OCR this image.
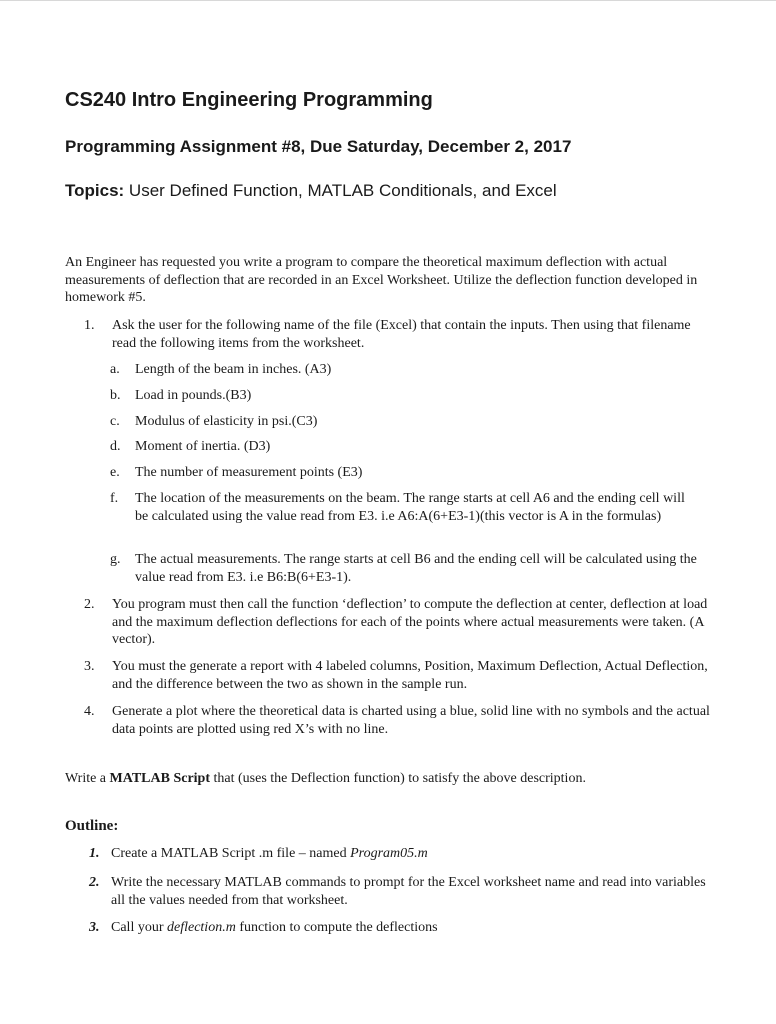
CS240 Intro Engineering Programming
Programming Assignment #8, Due Saturday, December 2, 2017
Topics: User Defined Function, MATLAB Conditionals, and Excel
An Engineer has requested you write a program to compare the theoretical maximum deflection with actual measurements of deflection that are recorded in an Excel Worksheet. Utilize the deflection function developed in homework #5.
1.	Ask the user for the following name of the file (Excel) that contain the inputs. Then using that filename read the following items from the worksheet.
a.	Length of the beam in inches. (A3)
b.	Load in pounds.(B3)
c.	Modulus of elasticity in psi.(C3)
d.	Moment of inertia. (D3)
e.	The number of measurement points (E3)
f.	The location of the measurements on the beam. The range starts at cell A6 and the ending cell will be calculated using the value read from E3. i.e A6:A(6+E3-1)(this vector is A in the formulas)
g.	The actual measurements. The range starts at cell B6 and the ending cell will be calculated using the value read from E3. i.e B6:B(6+E3-1).
2.	You program must then call the function ‘deflection’ to compute the deflection at center, deflection at load and the maximum deflection deflections for each of the points where actual measurements were taken. (A vector).
3.	You must the generate a report with 4 labeled columns, Position, Maximum Deflection, Actual Deflection, and the difference between the two as shown in the sample run.
4.	Generate a plot where the theoretical data is charted using a blue, solid line with no symbols and the actual data points are plotted using red X’s with no line.
Write a MATLAB Script that (uses the Deflection function) to satisfy the above description.
Outline:
1. Create a MATLAB Script .m file – named Program05.m
2. Write the necessary MATLAB commands to prompt for the Excel worksheet name and read into variables all the values needed from that worksheet.
3. Call your deflection.m function to compute the deflections
